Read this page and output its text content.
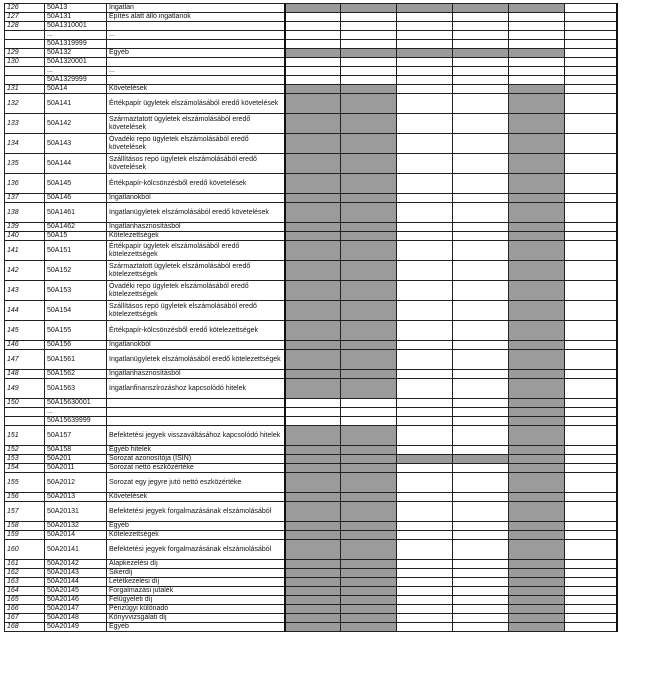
126	50A13	Ingatlan						
127	50A131	Építés alatt álló ingatlanok						
128	50A1310001							
	...	...						
	50A1319999							
129	50A132	Egyéb						
130	50A1320001							
	...	...						
	50A1329999							
131	50A14	Követelések						
132	50A141	Értékpapír ügyletek elszámolásából eredő követelések						
133	50A142	Származtatott ügyletek elszámolásából eredő követelések						
134	50A143	Óvadéki repo ügyletek elszámolásából eredő követelések						
135	50A144	Szállításos repó ügyletek elszámolásából eredő követelések						
136	50A145	Értékpapír-kölcsönzésből eredő követelések						
137	50A146	Ingatlanokból						
138	50A1461	Ingatlanügyletek elszámolásából eredő követelések						
139	50A1462	Ingatlanhasznosításból						
140	50A15	Kötelezettségek						
141	50A151	Értékpapír ügyletek elszámolásából eredő kötelezettségek						
142	50A152	Származtatott ügyletek elszámolásából eredő kötelezettségek						
143	50A153	Óvadéki repo ügyletek elszámolásából eredő kötelezettségek						
144	50A154	Szállításos repó ügyletek elszámolásából eredő kötelezettségek						
145	50A155	Értékpapír-kölcsönzésből eredő kötelezettségek						
146	50A156	Ingatlanokból						
147	50A1561	Ingatlanügyletek elszámolásából eredő kötelezettségek						
148	50A1562	Ingatlanhasznosításból						
149	50A1563	Ingatlanfinanszírozáshoz kapcsolódó hitelek						
150	50A15630001							
	...							
	50A15639999							
151	50A157	Befektetési jegyek visszaváltásához kapcsolódó hitelek						
152	50A158	Egyéb hitelek						
153	50A201	Sorozat azonosítója (ISIN)						
154	50A2011	Sorozat nettó eszközértéke						
155	50A2012	Sorozat egy jegyre jutó nettó eszközértéke						
156	50A2013	Követelések						
157	50A20131	Befektetési jegyek forgalmazásának elszámolásából						
158	50A20132	Egyéb						
159	50A2014	Kötelezettségek						
160	50A20141	Befektetési jegyek forgalmazásának elszámolásából						
161	50A20142	Alapkezelési díj						
162	50A20143	Sikerdíj						
163	50A20144	Letétkezelési díj						
164	50A20145	Forgalmazási jutalék						
165	50A20146	Felügyeleti díj						
166	50A20147	Pénzügyi különadó						
167	50A20148	Könyvvizsgálati díj						
168	50A20149	Egyéb						
